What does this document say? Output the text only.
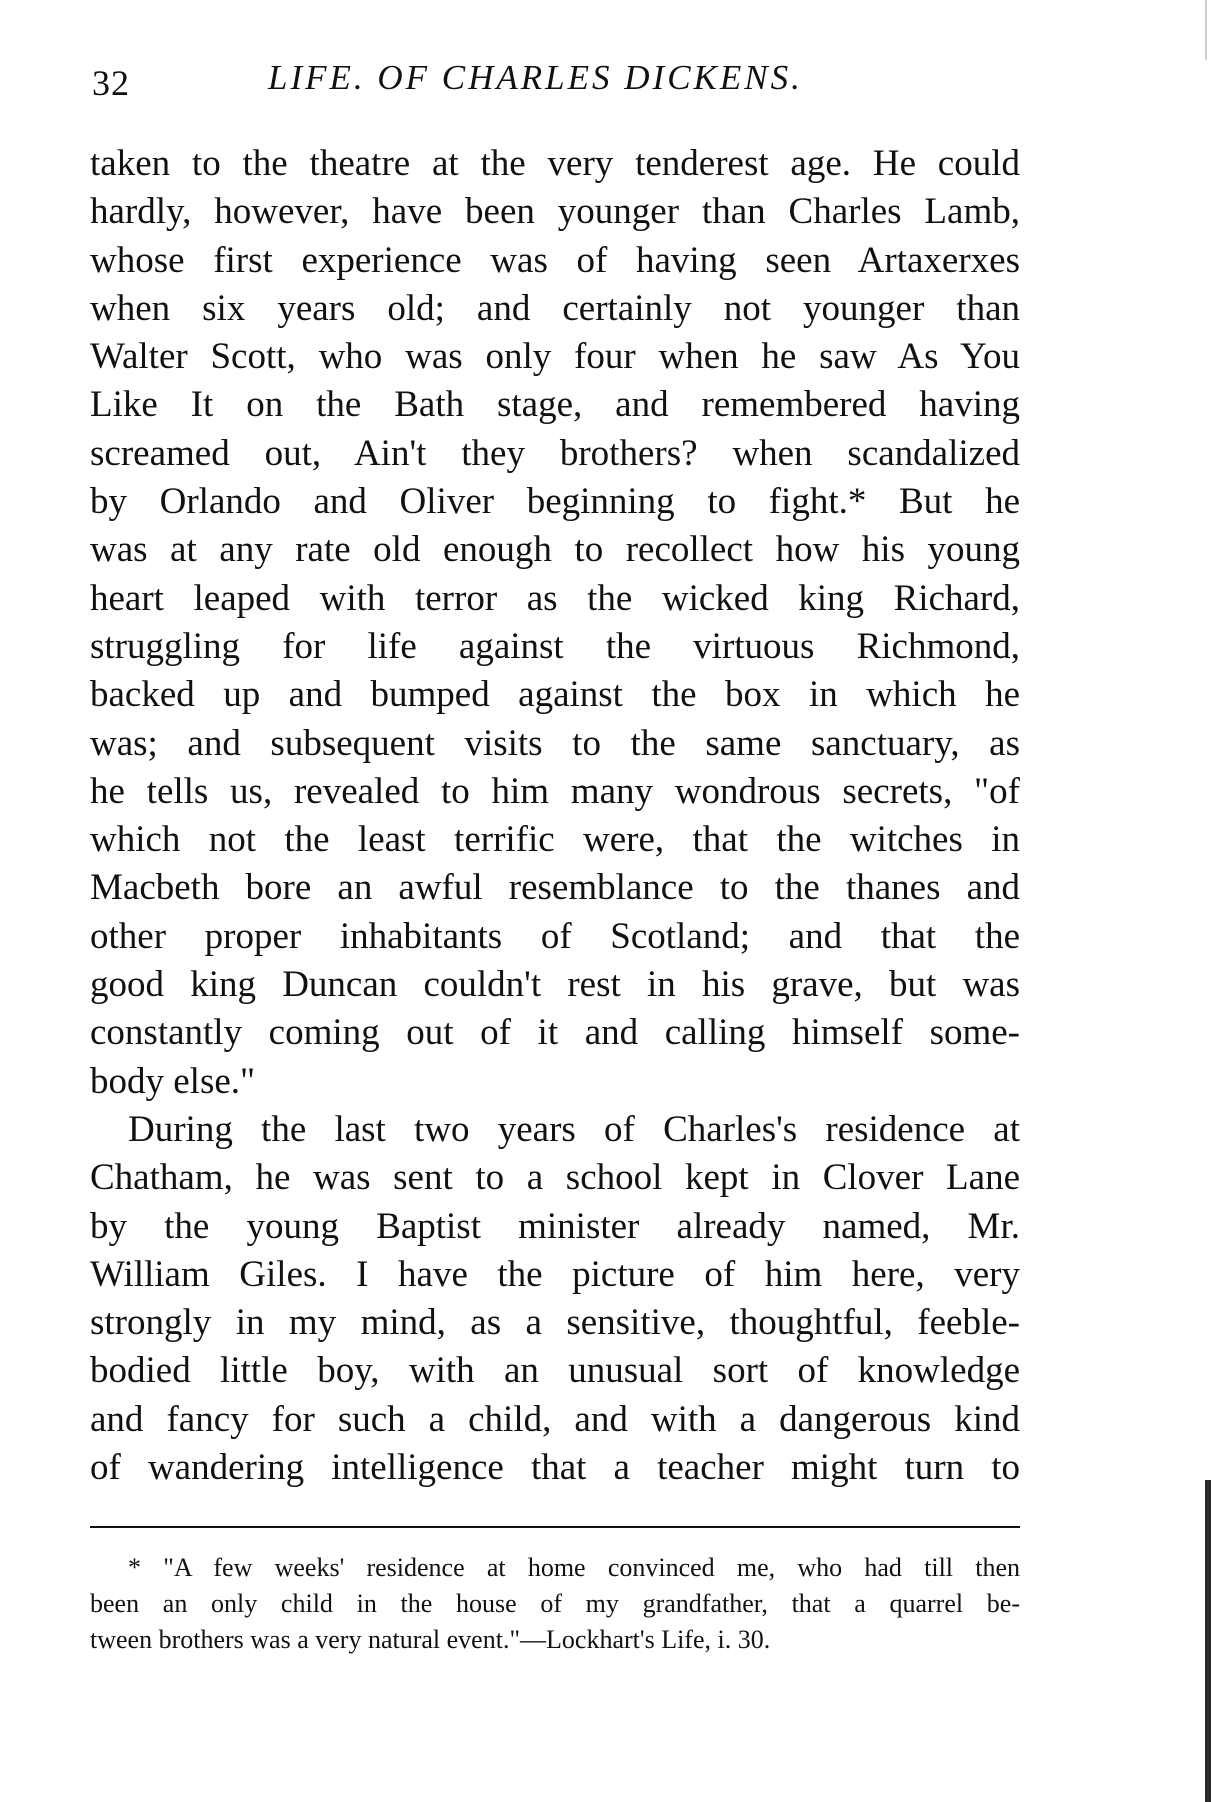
32	LIFE. OF CHARLES DICKENS.
taken to the theatre at the very tenderest age. He could
hardly, however, have been younger than Charles Lamb,
whose first experience was of having seen Artaxerxes
when six years old; and certainly not younger than
Walter Scott, who was only four when he saw As You
Like It on the Bath stage, and remembered having
screamed out, Ain't they brothers? when scandalized
by Orlando and Oliver beginning to fight.* But he
was at any rate old enough to recollect how his young
heart leaped with terror as the wicked king Richard,
struggling for life against the virtuous Richmond,
backed up and bumped against the box in which he
was; and subsequent visits to the same sanctuary, as
he tells us, revealed to him many wondrous secrets, "of
which not the least terrific were, that the witches in
Macbeth bore an awful resemblance to the thanes and
other proper inhabitants of Scotland; and that the
good king Duncan couldn't rest in his grave, but was
constantly coming out of it and calling himself some-
body else."
During the last two years of Charles's residence at
Chatham, he was sent to a school kept in Clover Lane
by the young Baptist minister already named, Mr.
William Giles. I have the picture of him here, very
strongly in my mind, as a sensitive, thoughtful, feeble-
bodied little boy, with an unusual sort of knowledge
and fancy for such a child, and with a dangerous kind
of wandering intelligence that a teacher might turn to
* "A few weeks' residence at home convinced me, who had till then
been an only child in the house of my grandfather, that a quarrel be-
tween brothers was a very natural event."—Lockhart's Life, i. 30.
